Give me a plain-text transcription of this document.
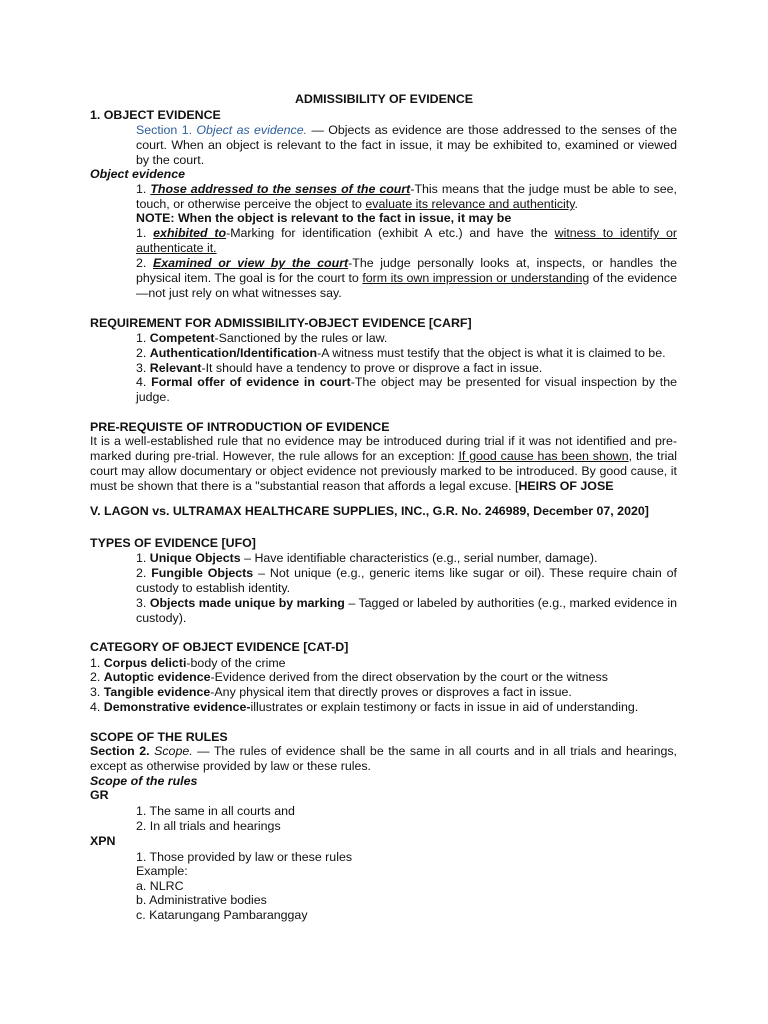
ADMISSIBILITY OF EVIDENCE
1. OBJECT EVIDENCE
Section 1. Object as evidence. — Objects as evidence are those addressed to the senses of the court. When an object is relevant to the fact in issue, it may be exhibited to, examined or viewed by the court.
Object evidence
1. Those addressed to the senses of the court-This means that the judge must be able to see, touch, or otherwise perceive the object to evaluate its relevance and authenticity.
NOTE: When the object is relevant to the fact in issue, it may be
1. exhibited to-Marking for identification (exhibit A etc.) and have the witness to identify or authenticate it.
2. Examined or view by the court-The judge personally looks at, inspects, or handles the physical item. The goal is for the court to form its own impression or understanding of the evidence—not just rely on what witnesses say.
REQUIREMENT FOR ADMISSIBILITY-OBJECT EVIDENCE [CARF]
1. Competent-Sanctioned by the rules or law.
2. Authentication/Identification-A witness must testify that the object is what it is claimed to be.
3. Relevant-It should have a tendency to prove or disprove a fact in issue.
4. Formal offer of evidence in court-The object may be presented for visual inspection by the judge.
PRE-REQUISTE OF INTRODUCTION OF EVIDENCE
It is a well-established rule that no evidence may be introduced during trial if it was not identified and pre-marked during pre-trial. However, the rule allows for an exception: If good cause has been shown, the trial court may allow documentary or object evidence not previously marked to be introduced. By good cause, it must be shown that there is a "substantial reason that affords a legal excuse. [HEIRS OF JOSE
V. LAGON vs. ULTRAMAX HEALTHCARE SUPPLIES, INC., G.R. No. 246989, December 07, 2020]
TYPES OF EVIDENCE [UFO]
1. Unique Objects – Have identifiable characteristics (e.g., serial number, damage).
2. Fungible Objects – Not unique (e.g., generic items like sugar or oil). These require chain of custody to establish identity.
3. Objects made unique by marking – Tagged or labeled by authorities (e.g., marked evidence in custody).
CATEGORY OF OBJECT EVIDENCE [CAT-D]
1. Corpus delicti-body of the crime
2. Autoptic evidence-Evidence derived from the direct observation by the court or the witness
3. Tangible evidence-Any physical item that directly proves or disproves a fact in issue.
4. Demonstrative evidence-illustrates or explain testimony or facts in issue in aid of understanding.
SCOPE OF THE RULES
Section 2. Scope. — The rules of evidence shall be the same in all courts and in all trials and hearings, except as otherwise provided by law or these rules.
Scope of the rules
GR
1. The same in all courts and
2. In all trials and hearings
XPN
1. Those provided by law or these rules
Example:
a. NLRC
b. Administrative bodies
c. Katarungang Pambaranggay
